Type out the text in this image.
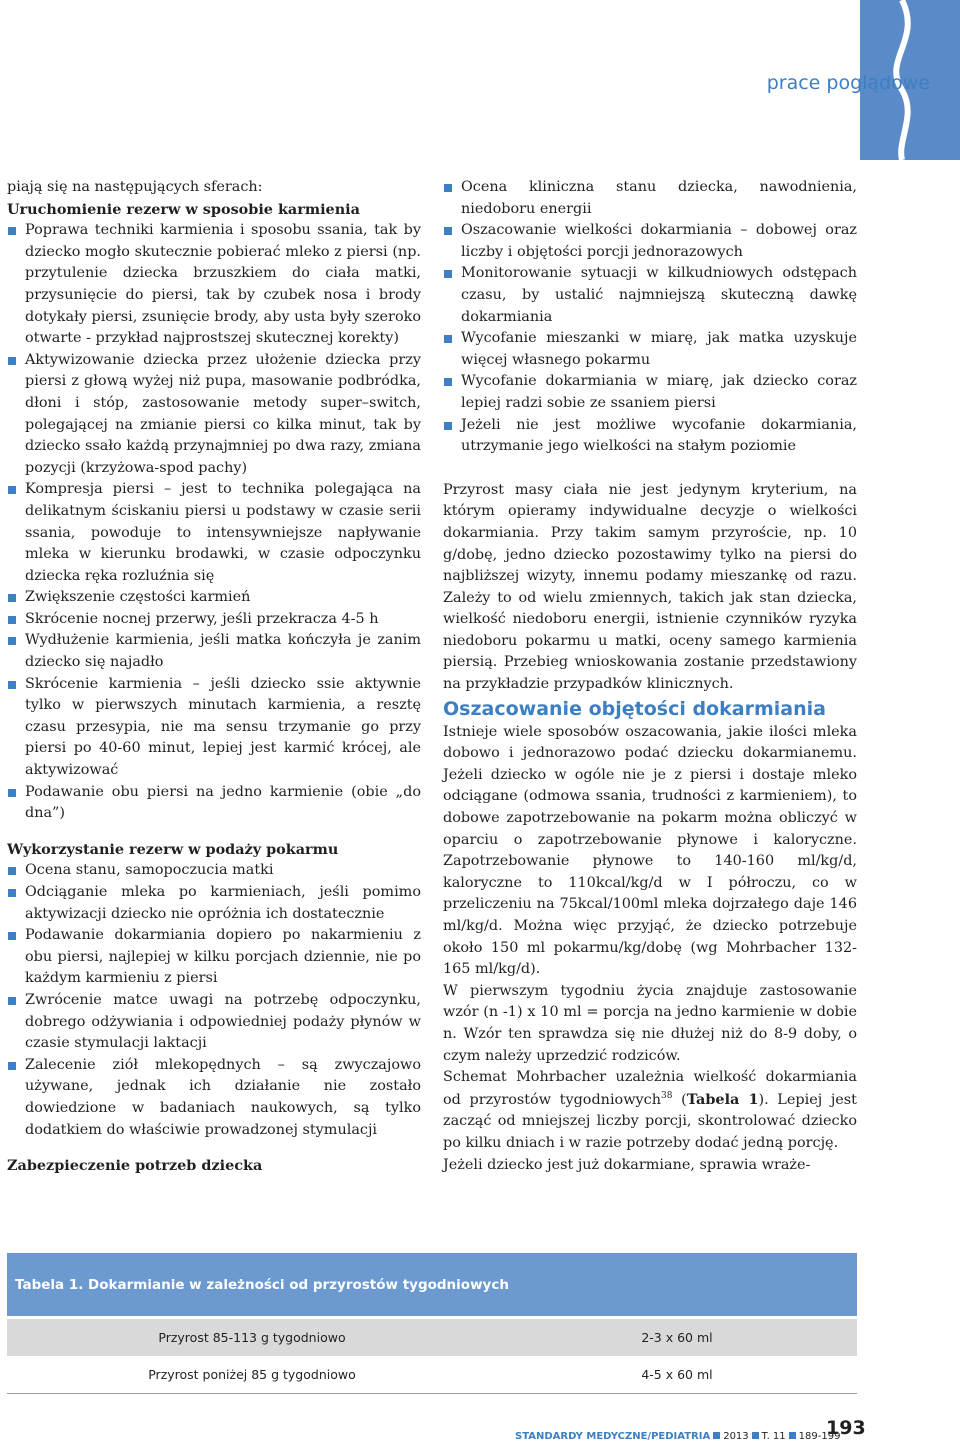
prace poglądowe

piają się na następujących sferach:

Uruchomienie rezerw w sposobie karmienia

Poprawa techniki karmienia i sposobu ssania, tak by dziecko mogło skutecznie pobierać mleko z piersi (np. przytulenie dziecka brzuszkiem do ciała matki, przysunięcie do piersi, tak by czubek nosa i brody dotykały piersi, zsunięcie brody, aby usta były szeroko otwarte - przykład najprostszej skutecznej korekty)
Aktywizowanie dziecka przez ułożenie dziecka przy piersi z głową wyżej niż pupa, masowanie podbródka, dłoni i stóp, zastosowanie metody super–switch, polegającej na zmianie piersi co kilka minut, tak by dziecko ssało każdą przynajmniej po dwa razy, zmiana pozycji (krzyżowa-spod pachy)
Kompresja piersi – jest to technika polegająca na delikatnym ściskaniu piersi u podstawy w czasie serii ssania, powoduje to intensywniejsze napływanie mleka w kierunku brodawki, w czasie odpoczynku dziecka ręka rozluźnia się
Zwiększenie częstości karmień
Skrócenie nocnej przerwy, jeśli przekracza 4-5 h
Wydłużenie karmienia, jeśli matka kończyła je zanim dziecko się najadło
Skrócenie karmienia – jeśli dziecko ssie aktywnie tylko w pierwszych minutach karmienia, a resztę czasu przesypia, nie ma sensu trzymanie go przy piersi po 40-60 minut, lepiej jest karmić krócej, ale aktywizować
Podawanie obu piersi na jedno karmienie (obie „do dna”)

Wykorzystanie rezerw w podaży pokarmu

Ocena stanu, samopoczucia matki
Odciąganie mleka po karmieniach, jeśli pomimo aktywizacji dziecko nie opróżnia ich dostatecznie
Podawanie dokarmiania dopiero po nakarmieniu z obu piersi, najlepiej w kilku porcjach dziennie, nie po każdym karmieniu z piersi
Zwrócenie matce uwagi na potrzebę odpoczynku, dobrego odżywiania i odpowiedniej podaży płynów w czasie stymulacji laktacji
Zalecenie ziół mlekopędnych – są zwyczajowo używane, jednak ich działanie nie zostało dowiedzione w badaniach naukowych, są tylko dodatkiem do właściwie prowadzonej stymulacji

Zabezpieczenie potrzeb dziecka

Ocena kliniczna stanu dziecka, nawodnienia, niedoboru energii
Oszacowanie wielkości dokarmiania – dobowej oraz liczby i objętości porcji jednorazowych
Monitorowanie sytuacji w kilkudniowych odstępach czasu, by ustalić najmniejszą skuteczną dawkę dokarmiania
Wycofanie mieszanki w miarę, jak matka uzyskuje więcej własnego pokarmu
Wycofanie dokarmiania w miarę, jak dziecko coraz lepiej radzi sobie ze ssaniem piersi
Jeżeli nie jest możliwe wycofanie dokarmiania, utrzymanie jego wielkości na stałym poziomie

Przyrost masy ciała nie jest jedynym kryterium, na którym opieramy indywidualne decyzje o wielkości dokarmiania. Przy takim samym przyroście, np. 10 g/dobę, jedno dziecko pozostawimy tylko na piersi do najbliższej wizyty, innemu podamy mieszankę od razu. Zależy to od wielu zmiennych, takich jak stan dziecka, wielkość niedoboru energii, istnienie czynników ryzyka niedoboru pokarmu u matki, oceny samego karmienia piersią. Przebieg wnioskowania zostanie przedstawiony na przykładzie przypadków klinicznych.

Oszacowanie objętości dokarmiania

Istnieje wiele sposobów oszacowania, jakie ilości mleka dobowo i jednorazowo podać dziecku dokarmianemu. Jeżeli dziecko w ogóle nie je z piersi i dostaje mleko odciągane (odmowa ssania, trudności z karmieniem), to dobowe zapotrzebowanie na pokarm można obliczyć w oparciu o zapotrzebowanie płynowe i kaloryczne. Zapotrzebowanie płynowe to 140-160 ml/kg/d, kaloryczne to 110kcal/kg/d w I półroczu, co w przeliczeniu na 75kcal/100ml mleka dojrzałego daje 146 ml/kg/d. Można więc przyjąć, że dziecko potrzebuje około 150 ml pokarmu/kg/dobę (wg Mohrbacher 132-165 ml/kg/d).

W pierwszym tygodniu życia znajduje zastosowanie wzór (n -1) x 10 ml = porcja na jedno karmienie w dobie n. Wzór ten sprawdza się nie dłużej niż do 8-9 doby, o czym należy uprzedzić rodziców.

Schemat Mohrbacher uzależnia wielkość dokarmiania od przyrostów tygodniowych$^{38}$ (Tabela 1). Lepiej jest zacząć od mniejszej liczby porcji, skontrolować dziecko po kilku dniach i w razie potrzeby dodać jedną porcję.

Jeżeli dziecko jest już dokarmiane, sprawia wraże-

Tabela 1. Dokarmianie w zależności od przyrostów tygodniowych
Przyrost 85-113 g tygodniowo	2-3 x 60 ml
Przyrost poniżej 85 g tygodniowo	4-5 x 60 ml
STANDARDY MEDYCZNE/PEDIATRIA 2013 T. 11 189-199
193
